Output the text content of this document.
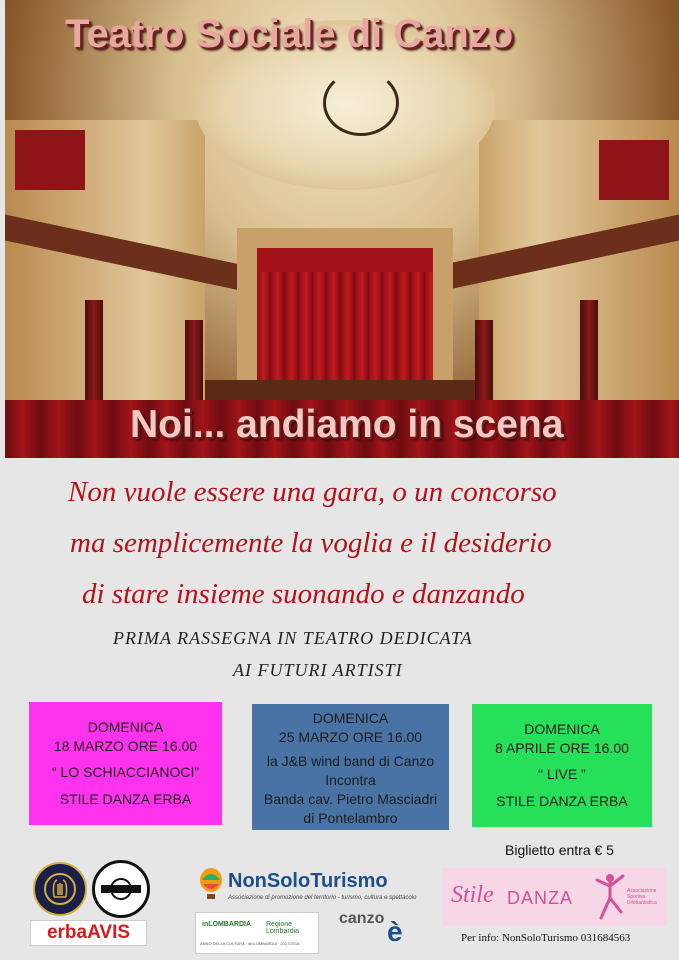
Teatro Sociale di Canzo
Noi... andiamo in scena
Non vuole essere una gara, o un concorso
ma semplicemente la voglia e il desiderio
di stare insieme suonando e danzando
PRIMA RASSEGNA IN TEATRO DEDICATA
AI FUTURI ARTISTI

DOMENICA

18 MARZO ORE 16.00

“ LO SCHIACCIANOCI”

STILE DANZA ERBA

DOMENICA

25 MARZO ORE 16.00

la J&B wind band di Canzo

Incontra

Banda cav. Pietro Masciadri

di Pontelambro

DOMENICA

8 APRILE ORE 16.00

“ LIVE ”

STILE DANZA ERBA

Biglietto entra € 5
erbaAVIS
NonSoloTurismo
Associazione di promozione del territorio - turismo, cultura e spettacolo
inLOMBARDIA Regione Lombardia
ANNO DELLA CULTURA · #inLOMBARDIA · 2017/2018
canzo è
Stile DANZA	Associazione Sportiva Dilettantistica
Per info: NonSoloTurismo 031684563
